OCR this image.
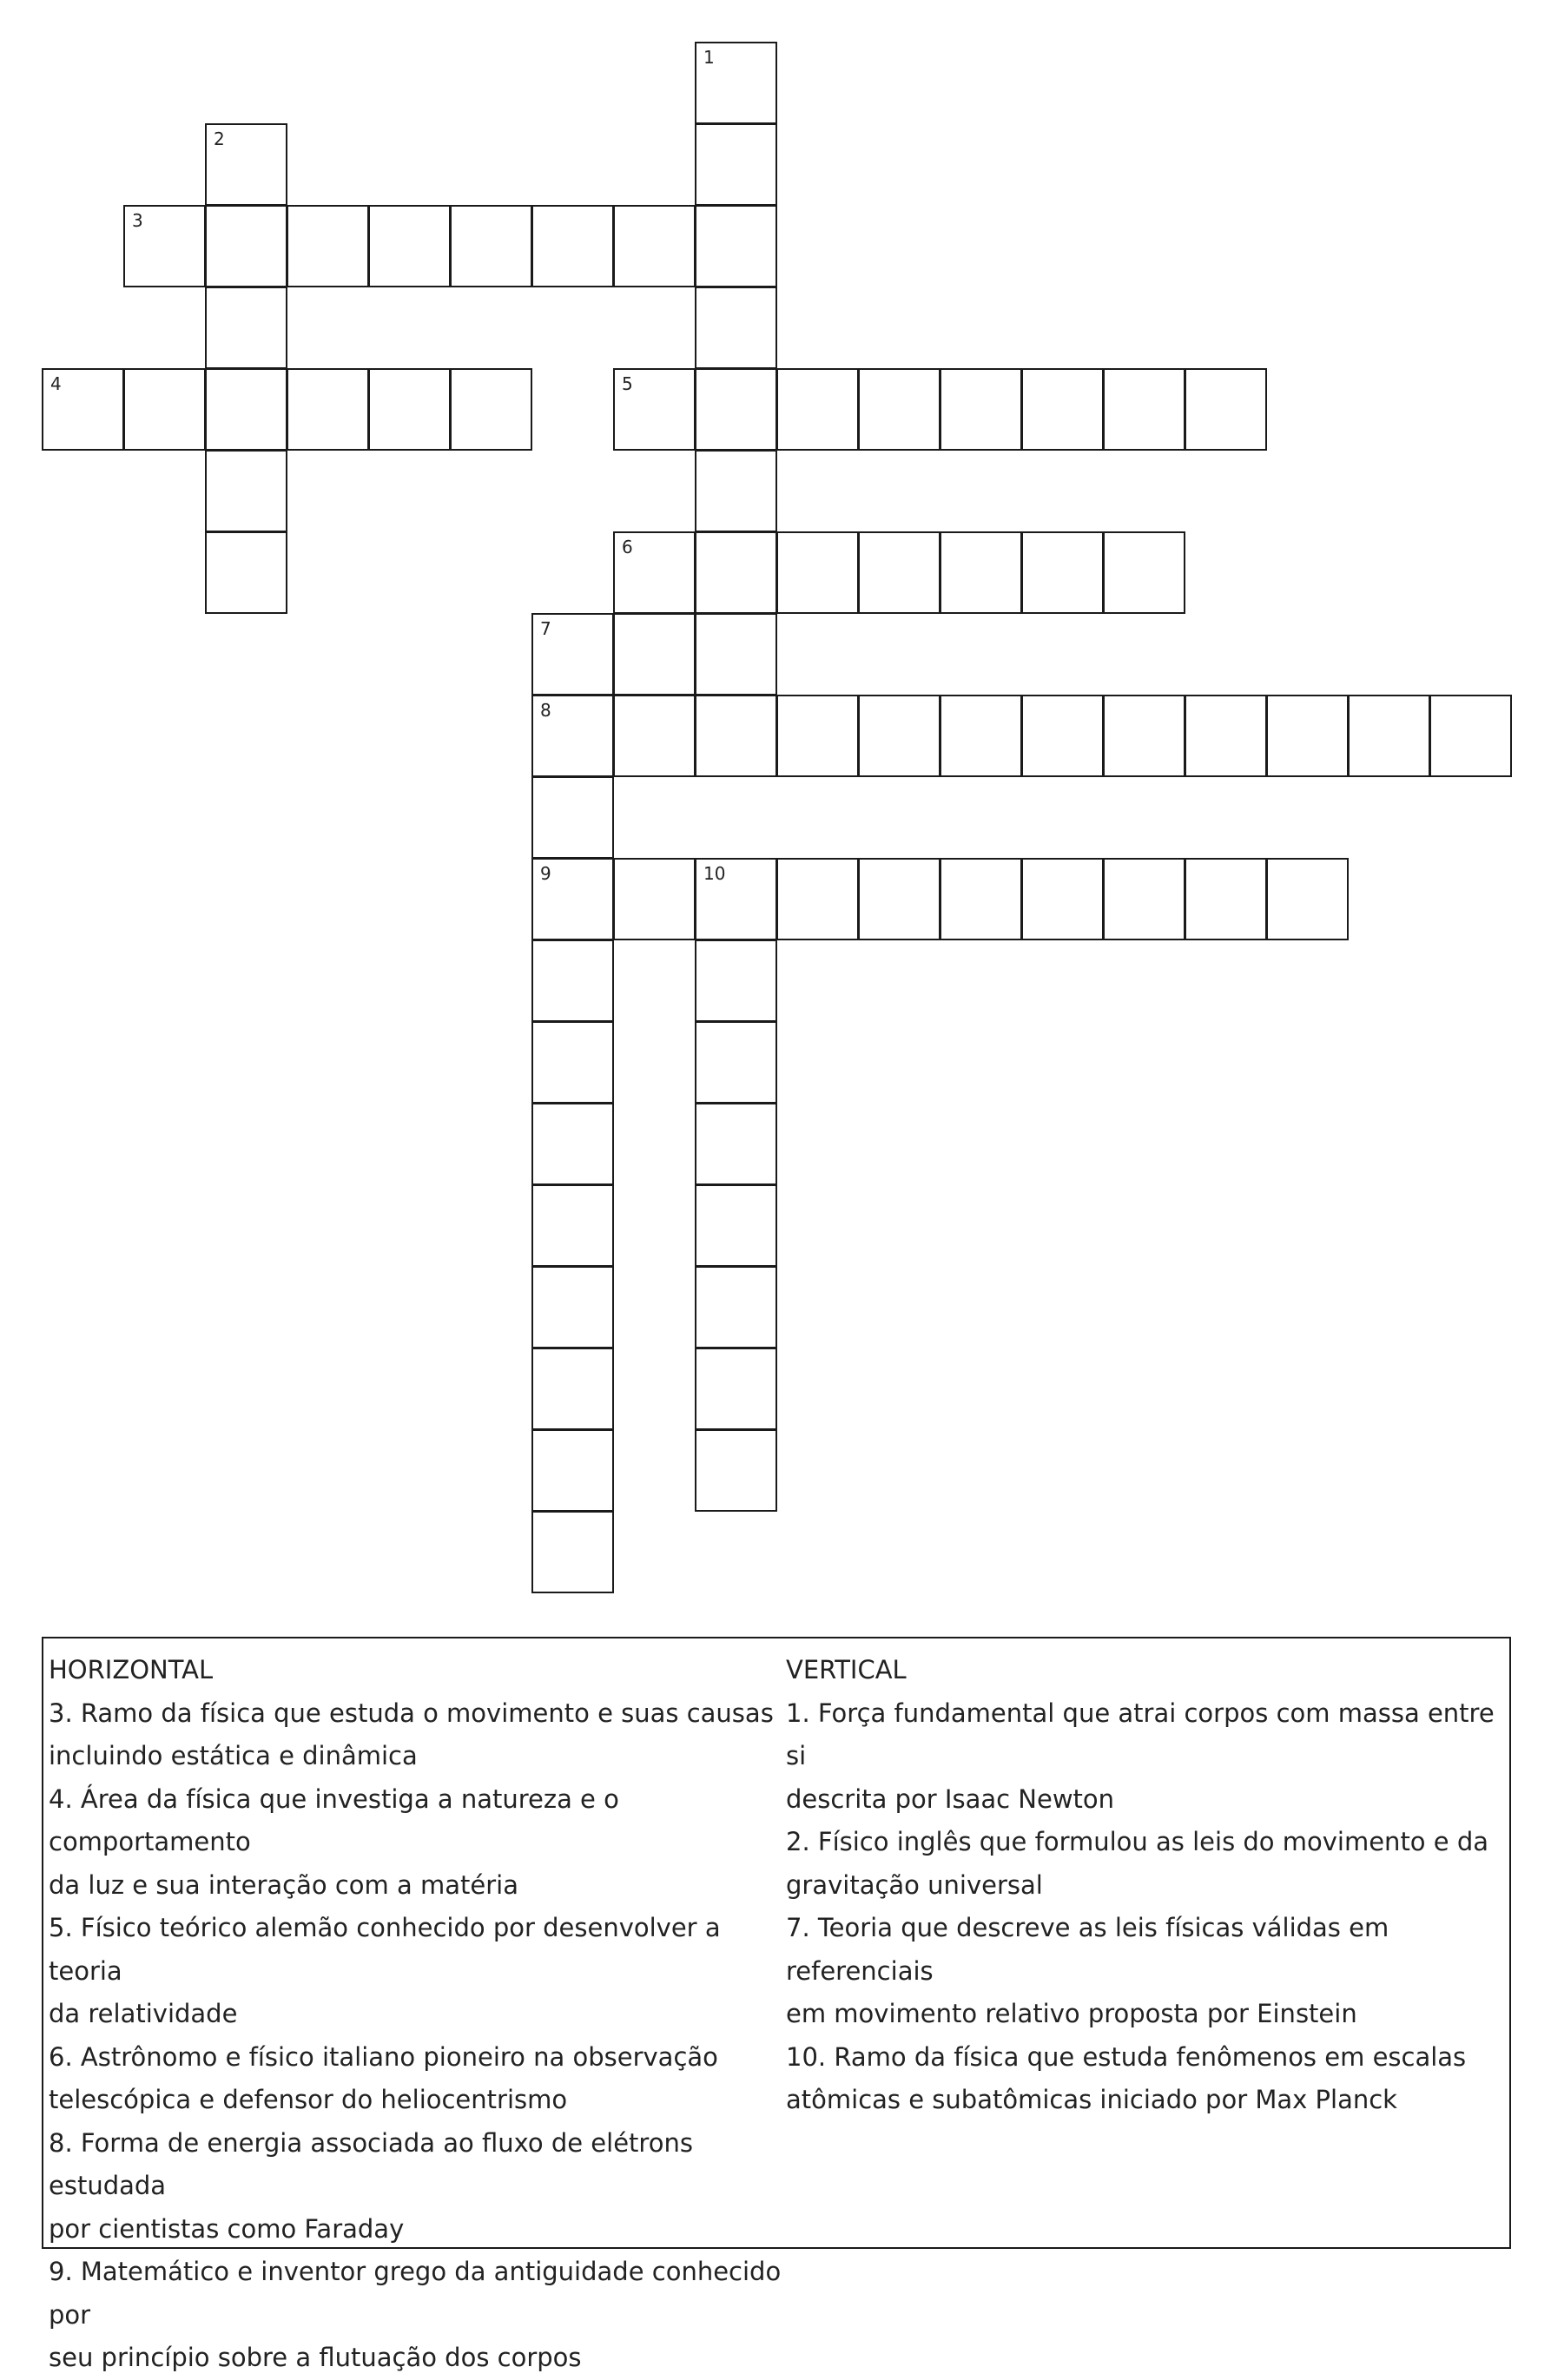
1
2
3
4	5
6
7
8
9	10

HORIZONTAL

3. Ramo da física que estuda o movimento e suas causas

incluindo estática e dinâmica

4. Área da física que investiga a natureza e o comportamento

da luz e sua interação com a matéria

5. Físico teórico alemão conhecido por desenvolver a teoria

da relatividade

6. Astrônomo e físico italiano pioneiro na observação

telescópica e defensor do heliocentrismo

8. Forma de energia associada ao fluxo de elétrons estudada

por cientistas como Faraday

9. Matemático e inventor grego da antiguidade conhecido por

seu princípio sobre a flutuação dos corpos

VERTICAL

1. Força fundamental que atrai corpos com massa entre si

descrita por Isaac Newton

2. Físico inglês que formulou as leis do movimento e da

gravitação universal

7. Teoria que descreve as leis físicas válidas em referenciais

em movimento relativo proposta por Einstein

10. Ramo da física que estuda fenômenos em escalas

atômicas e subatômicas iniciado por Max Planck
